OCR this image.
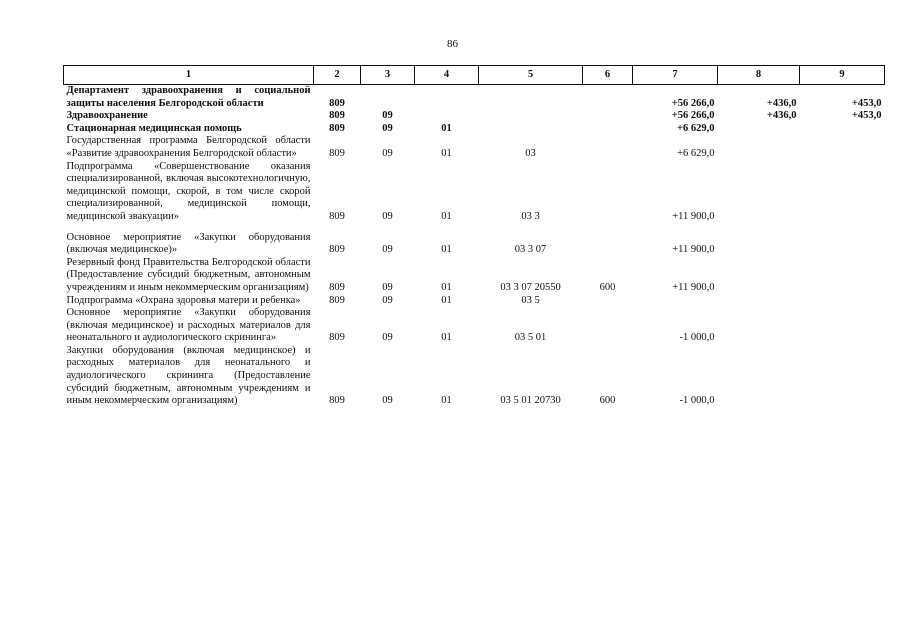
86
1	2	3	4	5	6	7	8	9
Департамент здравоохранения и социальной защиты населения Белгородской области	809					+56 266,0	+436,0	+453,0
Здравоохранение	809	09				+56 266,0	+436,0	+453,0
Стационарная медицинская помощь	809	09	01			+6 629,0		
Государственная программа Белгородской области «Развитие здравоохранения Белгородской области»	809	09	01	03		+6 629,0		
Подпрограмма «Совершенствование оказания специализированной, включая высокотехнологичную, медицинской помощи, скорой, в том числе скорой специализированной, медицинской помощи, медицинской эвакуации»	809	09	01	03 3		+11 900,0		
Основное мероприятие «Закупки оборудования (включая медицинское)»	809	09	01	03 3 07		+11 900,0		
Резервный фонд Правительства Белгородской области (Предоставление субсидий бюджетным, автономным учреждениям и иным некоммерческим организациям)	809	09	01	03 3 07 20550	600	+11 900,0		
Подпрограмма «Охрана здоровья матери и ребенка»	809	09	01	03 5				
Основное мероприятие «Закупки оборудования (включая медицинское) и расходных материалов для неонатального и аудиологического скрининга»	809	09	01	03 5 01		-1 000,0		
Закупки оборудования (включая медицинское) и расходных материалов для неонатального и аудиологического скрининга (Предоставление субсидий бюджетным, автономным учреждениям и иным некоммерческим организациям)	809	09	01	03 5 01 20730	600	-1 000,0		
